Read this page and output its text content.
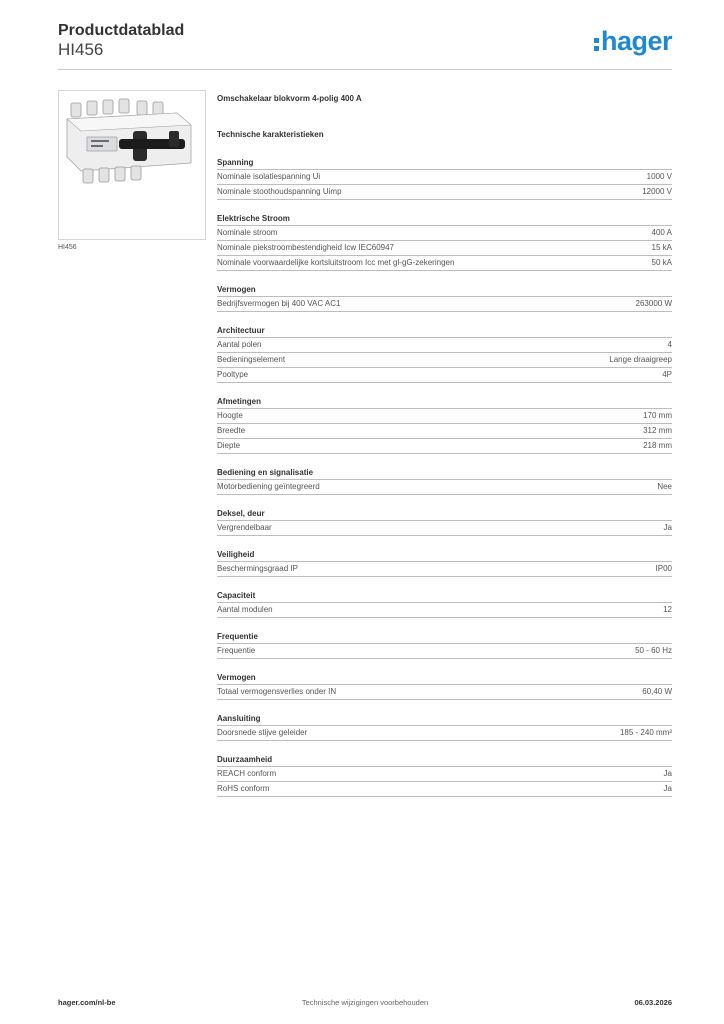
Productdatablad
HI456	hager
HI456
Omschakelaar blokvorm 4-polig 400 A
Technische karakteristieken
Spanning
Nominale isolatiespanning Ui	1000 V
Nominale stoothoudspanning Uimp	12000 V
Elektrische Stroom
Nominale stroom	400 A
Nominale piekstroombestendigheid Icw IEC60947	15 kA
Nominale voorwaardelijke kortsluitstroom Icc met gl-gG-zekeringen	50 kA
Vermogen
Bedrijfsvermogen bij 400 VAC AC1	263000 W
Architectuur
Aantal polen	4
Bedieningselement	Lange draaigreep
Pooltype	4P
Afmetingen
Hoogte	170 mm
Breedte	312 mm
Diepte	218 mm
Bediening en signalisatie
Motorbediening geïntegreerd	Nee
Deksel, deur
Vergrendelbaar	Ja
Veiligheid
Beschermingsgraad IP	IP00
Capaciteit
Aantal modulen	12
Frequentie
Frequentie	50 - 60 Hz
Vermogen
Totaal vermogensverlies onder IN	60,40 W
Aansluiting
Doorsnede stijve geleider	185 - 240 mm²
Duurzaamheid
REACH conform	Ja
RoHS conform	Ja
hager.com/nl-be	Technische wijzigingen voorbehouden	06.03.2026
